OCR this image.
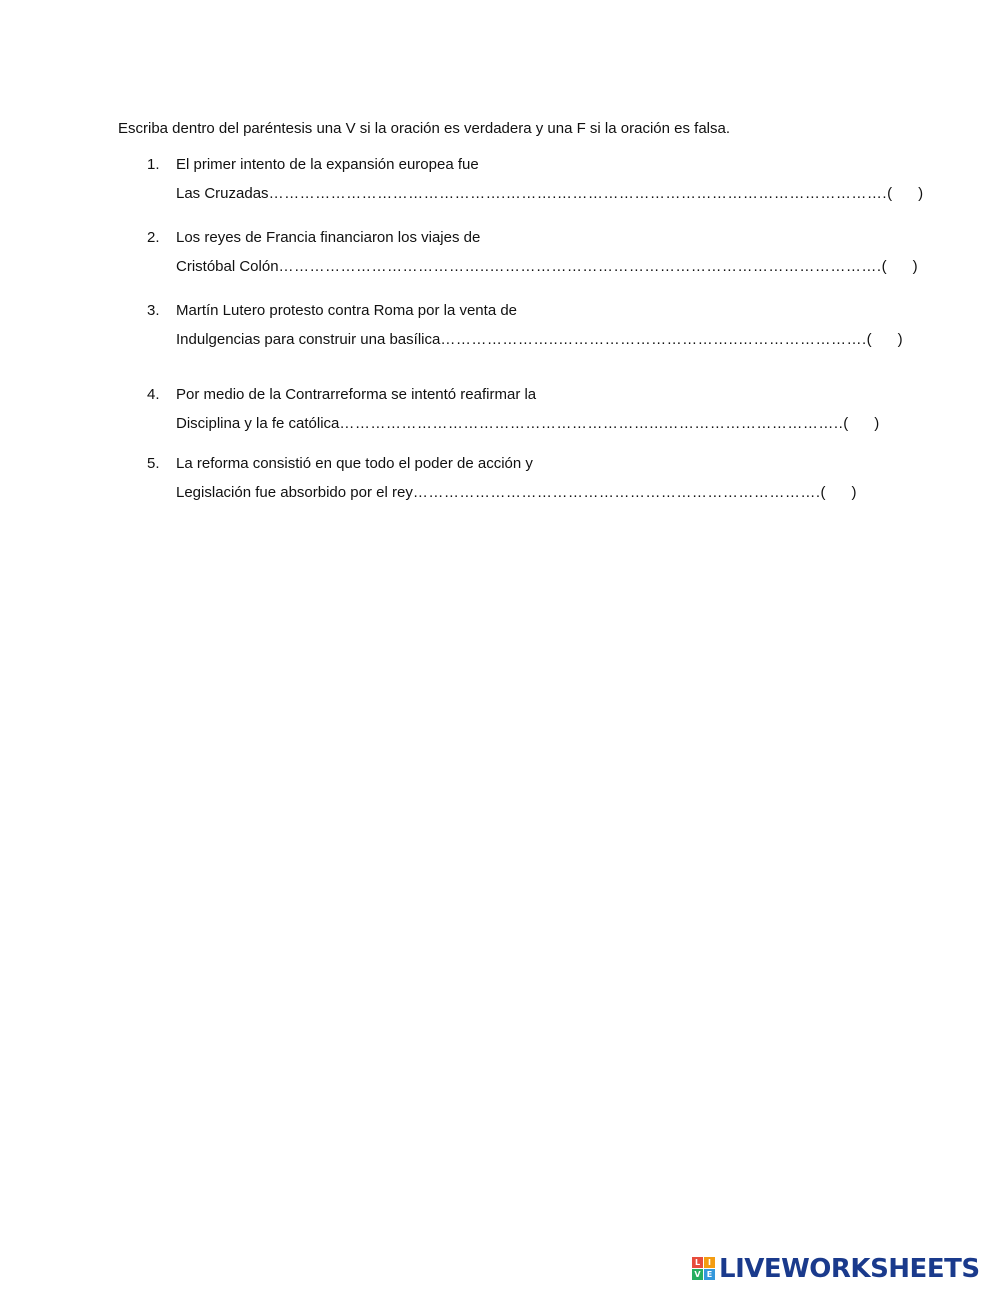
Escriba dentro del paréntesis una V si la oración es verdadera y una F si la oración es falsa.
1.	El primer intento de la expansión europea fue
Las Cruzadas ……………………………………….……….………………………………………………………. ( )
2.	Los reyes de Francia financiaron los viajes de
Cristóbal Colón …………………………………..…………………………………………………………………. ( )
3.	Martín Lutero protesto contra Roma por la venta de
Indulgencias para construir una basílica …………………..……………………………..……………………. ( )
4.	Por medio de la Contrarreforma se intentó reafirmar la
Disciplina y la fe católica ……………………………………………………...…………………………….. ( )
5.	La reforma consistió en que todo el poder de acción y
Legislación fue absorbido por el rey ……………………………………………………………………. ( )
L I
V E LIVEWORKSHEETS
